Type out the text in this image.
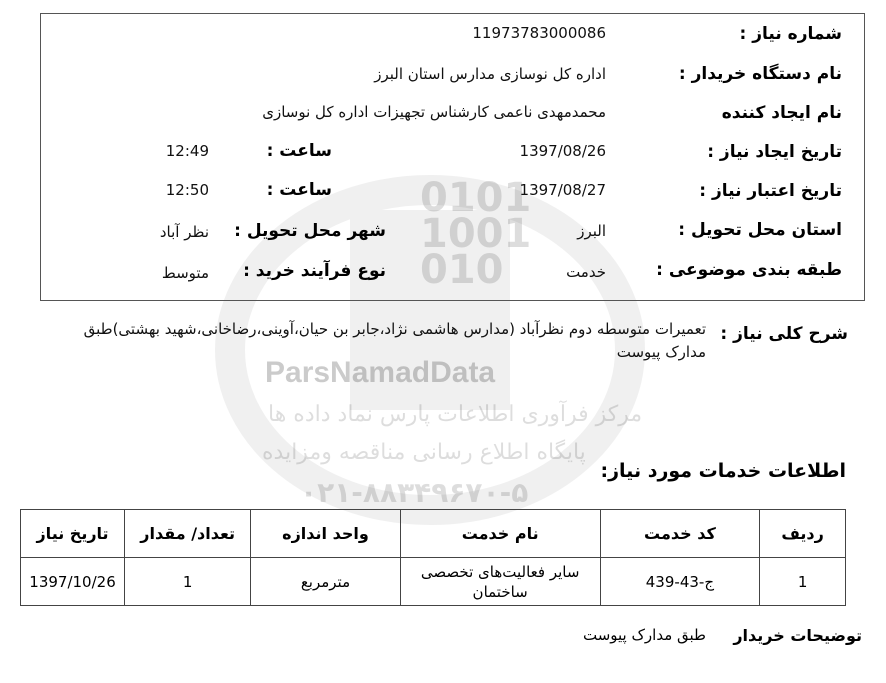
0101 1001 010
ParsNamadData
مرکز فرآوری اطلاعات پارس نماد داده ها
پایگاه اطلاع رسانی مناقصه ومزایده
۰۲۱-۸۸۳۴۹۶۷۰-۵
شماره نیاز :
11973783000086
نام دستگاه خریدار :
اداره کل نوسازی مدارس استان البرز
نام ایجاد کننده
محمدمهدی ناعمی کارشناس تجهیزات اداره کل نوسازی
تاریخ ایجاد نیاز :
1397/08/26
ساعت :
12:49
تاریخ اعتبار نیاز :
1397/08/27
ساعت :
12:50
استان محل تحویل :
البرز
شهر محل تحویل :
نظر آباد
طبقه بندی موضوعی :
خدمت
نوع فرآیند خرید :
متوسط
شرح کلی نیاز :
تعمیرات متوسطه دوم نظرآباد (مدارس هاشمی نژاد،جابر بن حیان،آوینی،رضاخانی،شهید بهشتی)طبق مدارک پیوست
اطلاعات خدمات مورد نیاز:
ردیف	کد خدمت	نام خدمت	واحد اندازه	تعداد/ مقدار	تاریخ نیاز
1	ج-43-439	سایر فعالیت‌های تخصصی ساختمان	مترمربع	1	1397/10/26
توضیحات خریدار
طبق مدارک پیوست
